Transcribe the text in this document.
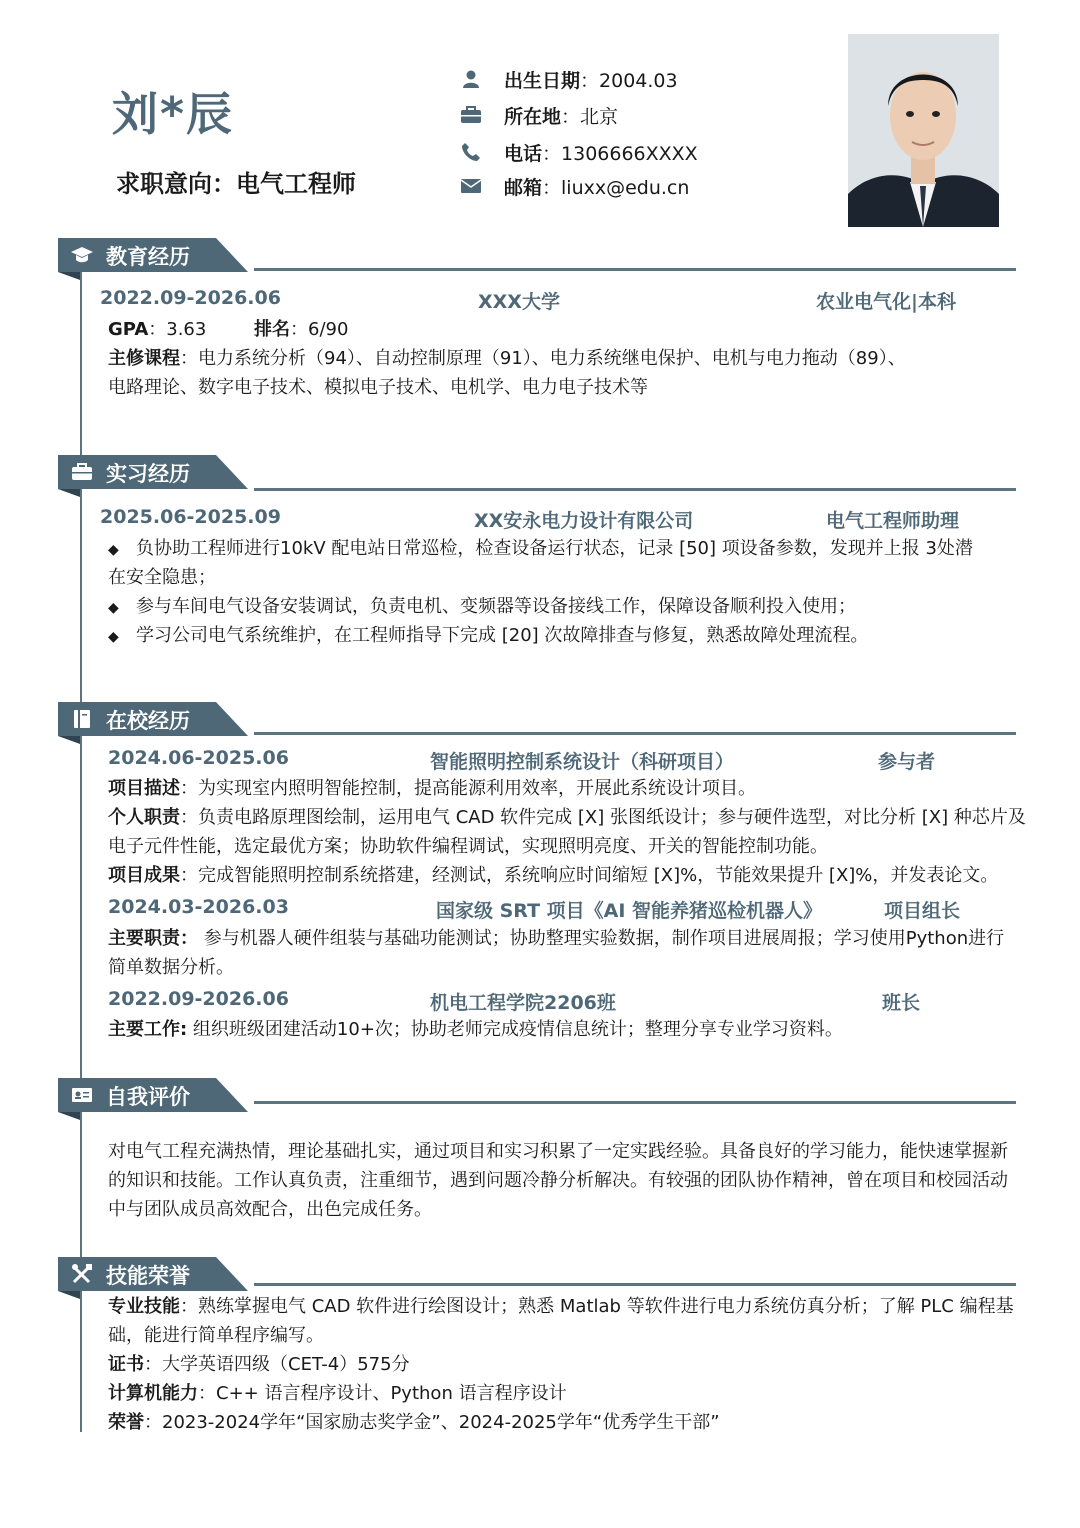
刘*辰
求职意向：电气工程师
出生日期 ：2004.03
所在地 ：北京
电话 ：1306666XXXX
邮箱 ：liuxx@edu.cn
教育经历
2022.09-2026.06	XXX大学	农业电气化|本科
GPA：3.63	排名：6/90
主修课程：电力系统分析（94）、自动控制原理（91）、电力系统继电保护、电机与电力拖动（89）、
电路理论、数字电子技术、模拟电子技术、电机学、电力电子技术等
实习经历
2025.06-2025.09	XX安永电力设计有限公司	电气工程师助理
◆ 负协助工程师进行10kV 配电站日常巡检，检查设备运行状态，记录 [50] 项设备参数，发现并上报 3处潜
在安全隐患；
◆ 参与车间电气设备安装调试，负责电机、变频器等设备接线工作，保障设备顺利投入使用；
◆ 学习公司电气系统维护，在工程师指导下完成 [20] 次故障排查与修复，熟悉故障处理流程。
在校经历
2024.06-2025.06	智能照明控制系统设计（科研项目）	参与者
项目描述：为实现室内照明智能控制，提高能源利用效率，开展此系统设计项目。
个人职责：负责电路原理图绘制，运用电气 CAD 软件完成 [X] 张图纸设计；参与硬件选型，对比分析 [X] 种芯片及
电子元件性能，选定最优方案；协助软件编程调试，实现照明亮度、开关的智能控制功能。
项目成果：完成智能照明控制系统搭建，经测试，系统响应时间缩短 [X]%，节能效果提升 [X]%，并发表论文。
2024.03-2026.03	国家级 SRT 项目《AI 智能养猪巡检机器人》	项目组长
主要职责： 参与机器人硬件组装与基础功能测试；协助整理实验数据，制作项目进展周报；学习使用Python进行
简单数据分析。
2022.09-2026.06	机电工程学院2206班	班长
主要工作: 组织班级团建活动10+次；协助老师完成疫情信息统计；整理分享专业学习资料。
自我评价
对电气工程充满热情，理论基础扎实，通过项目和实习积累了一定实践经验。具备良好的学习能力，能快速掌握新
的知识和技能。工作认真负责，注重细节，遇到问题冷静分析解决。有较强的团队协作精神，曾在项目和校园活动
中与团队成员高效配合，出色完成任务。
技能荣誉
专业技能：熟练掌握电气 CAD 软件进行绘图设计；熟悉 Matlab 等软件进行电力系统仿真分析；了解 PLC 编程基
础，能进行简单程序编写。
证书：大学英语四级（CET-4）575分
计算机能力：C++ 语言程序设计、Python 语言程序设计
荣誉：2023-2024学年“国家励志奖学金”、2024-2025学年“优秀学生干部”
